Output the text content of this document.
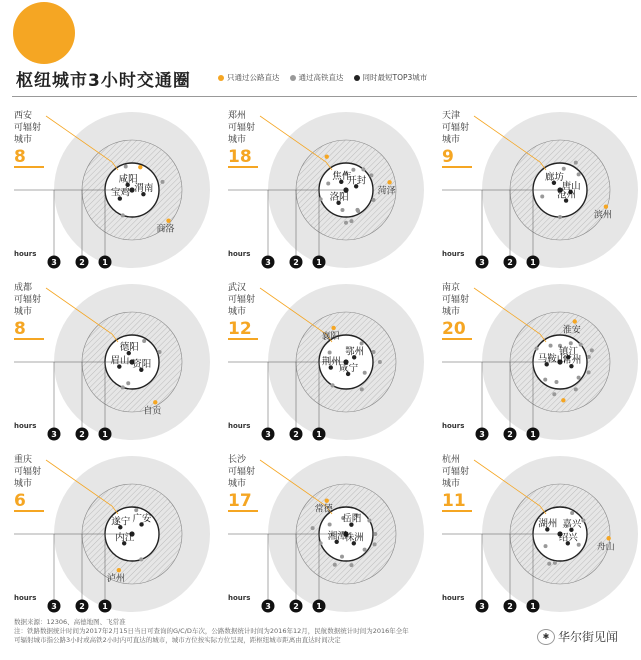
枢纽城市3小时交通圈	只通过公路直达	通过高铁直达	同时最短TOP3城市
商洛
咸阳
宝鸡 渭南
3	2 1
西安
可辐射
城市
8
hours
菏泽
焦作
开封
洛阳
3	2 1
郑州
可辐射
城市
18
hours
滨州
廊坊
唐山
沧州
3	2 1
天津
可辐射
城市
9
hours
自贡
德阳
眉山 资阳
3	2 1
成都
可辐射
城市
8
hours
襄阳
鄂州
荆州
咸宁
3	2 1
武汉
可辐射
城市
12
hours
淮安
镇江
马鞍山
常州
3	2 1
南京
可辐射
城市
20
hours
泸州
广安
遂宁
内江
3	2 1
重庆
可辐射
城市
6
hours
常德
岳阳
湘潭
株洲
3	2 1
长沙
可辐射
城市
17
hours
舟山
湖州 嘉兴
绍兴
3	2 1
杭州
可辐射
城市
11
hours
数据来源：12306、高德地图、飞常准
注：铁路数据统计时间为2017年2月15日当日可查询的G/C/D车次，公路数据统计时间为2016年12月，民航数据统计时间为2016年全年
可辐射城市指公路3小时或高铁2小时内可直达的城市，城市方位按实际方位呈现，距枢纽城市距离由直达时间决定	✱ 华尔街见闻
